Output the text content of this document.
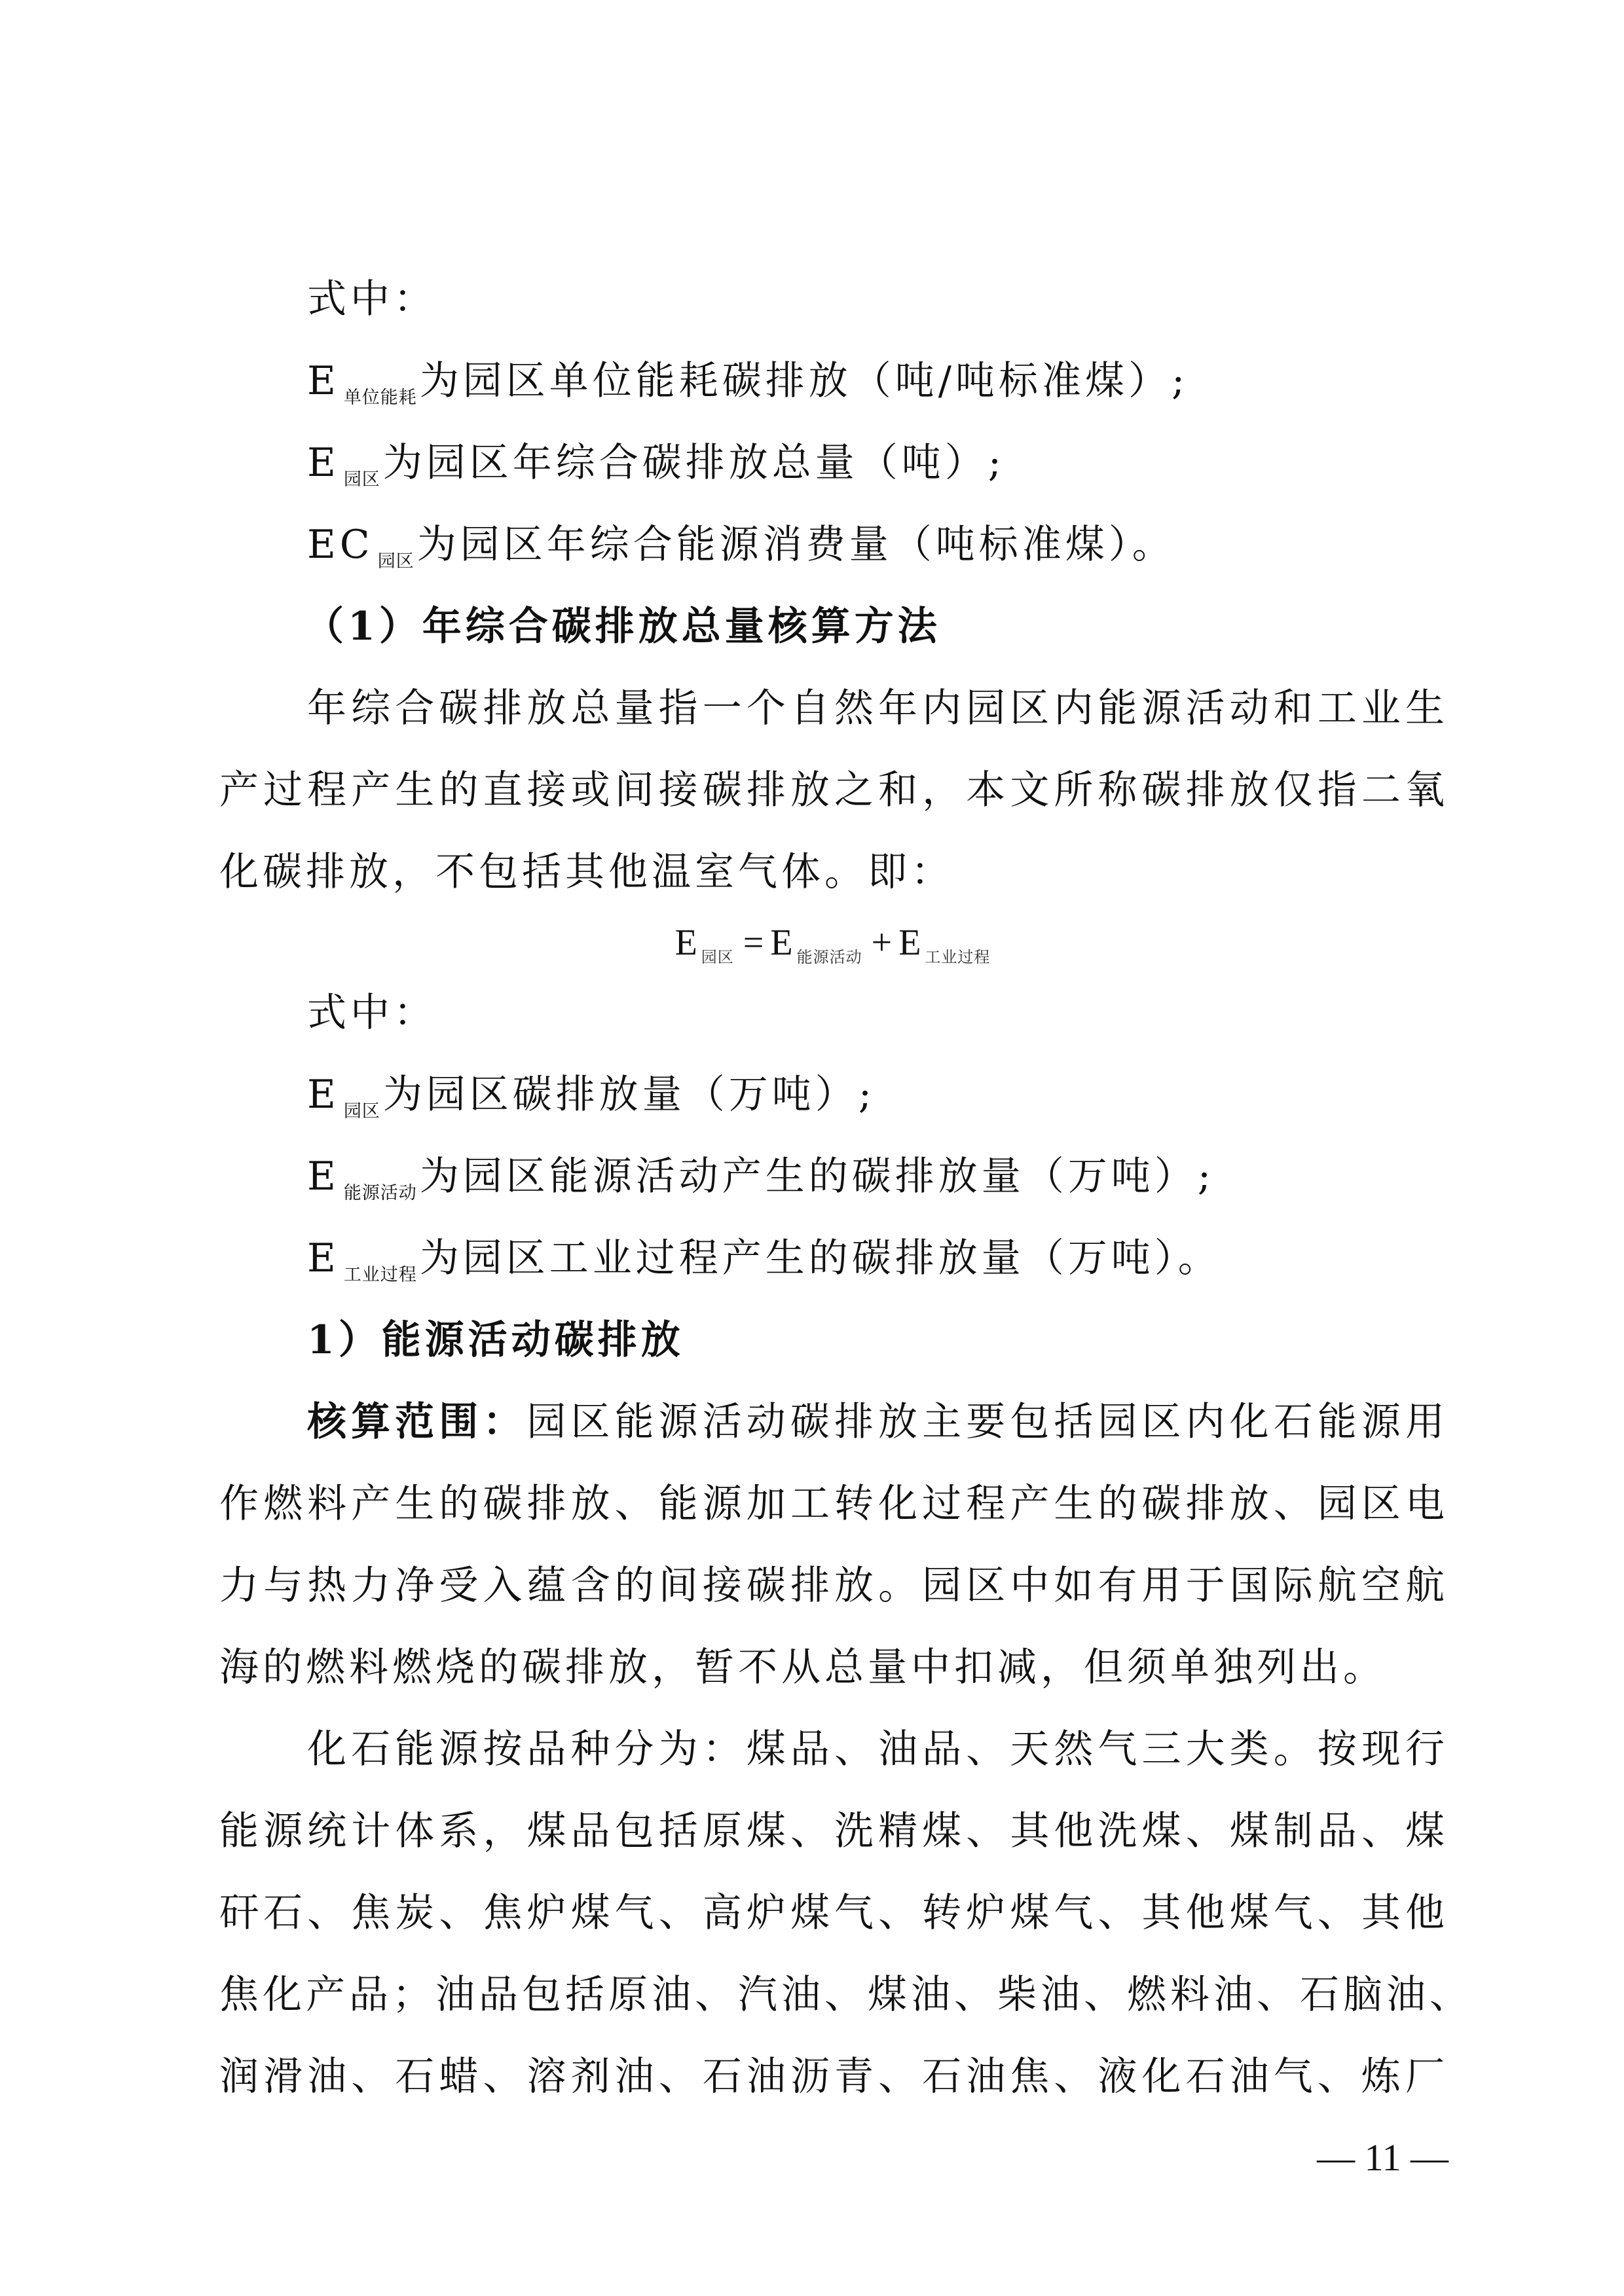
式中：
E $_{单位能耗}$为园区单位能耗碳排放（吨/吨标准煤）;
E $_{园区}$为园区年综合碳排放总量（吨）;
EC $_{园区}$为园区年综合能源消费量（吨标准煤）。
（1）年综合碳排放总量核算方法
年综合碳排放总量指一个自然年内园区内能源活动和工业生
产过程产生的直接或间接碳排放之和，本文所称碳排放仅指二氧
化碳排放，不包括其他温室气体。即：
E $_{园区}$ = E $_{能源活动}$ + E $_{工业过程}$
式中：
E $_{园区}$为园区碳排放量（万吨）;
E $_{能源活动}$为园区能源活动产生的碳排放量（万吨）;
E $_{工业过程}$为园区工业过程产生的碳排放量（万吨）。
1）能源活动碳排放
核算范围：园区能源活动碳排放主要包括园区内化石能源用
作燃料产生的碳排放、能源加工转化过程产生的碳排放、园区电
力与热力净受入蕴含的间接碳排放。园区中如有用于国际航空航
海的燃料燃烧的碳排放，暂不从总量中扣减，但须单独列出。
化石能源按品种分为：煤品、油品、天然气三大类。按现行
能源统计体系，煤品包括原煤、洗精煤、其他洗煤、煤制品、煤
矸石、焦炭、焦炉煤气、高炉煤气、转炉煤气、其他煤气、其他
焦化产品；油品包括原油、汽油、煤油、柴油、燃料油、石脑油、
润滑油、石蜡、溶剂油、石油沥青、石油焦、液化石油气、炼厂
— 11 —
